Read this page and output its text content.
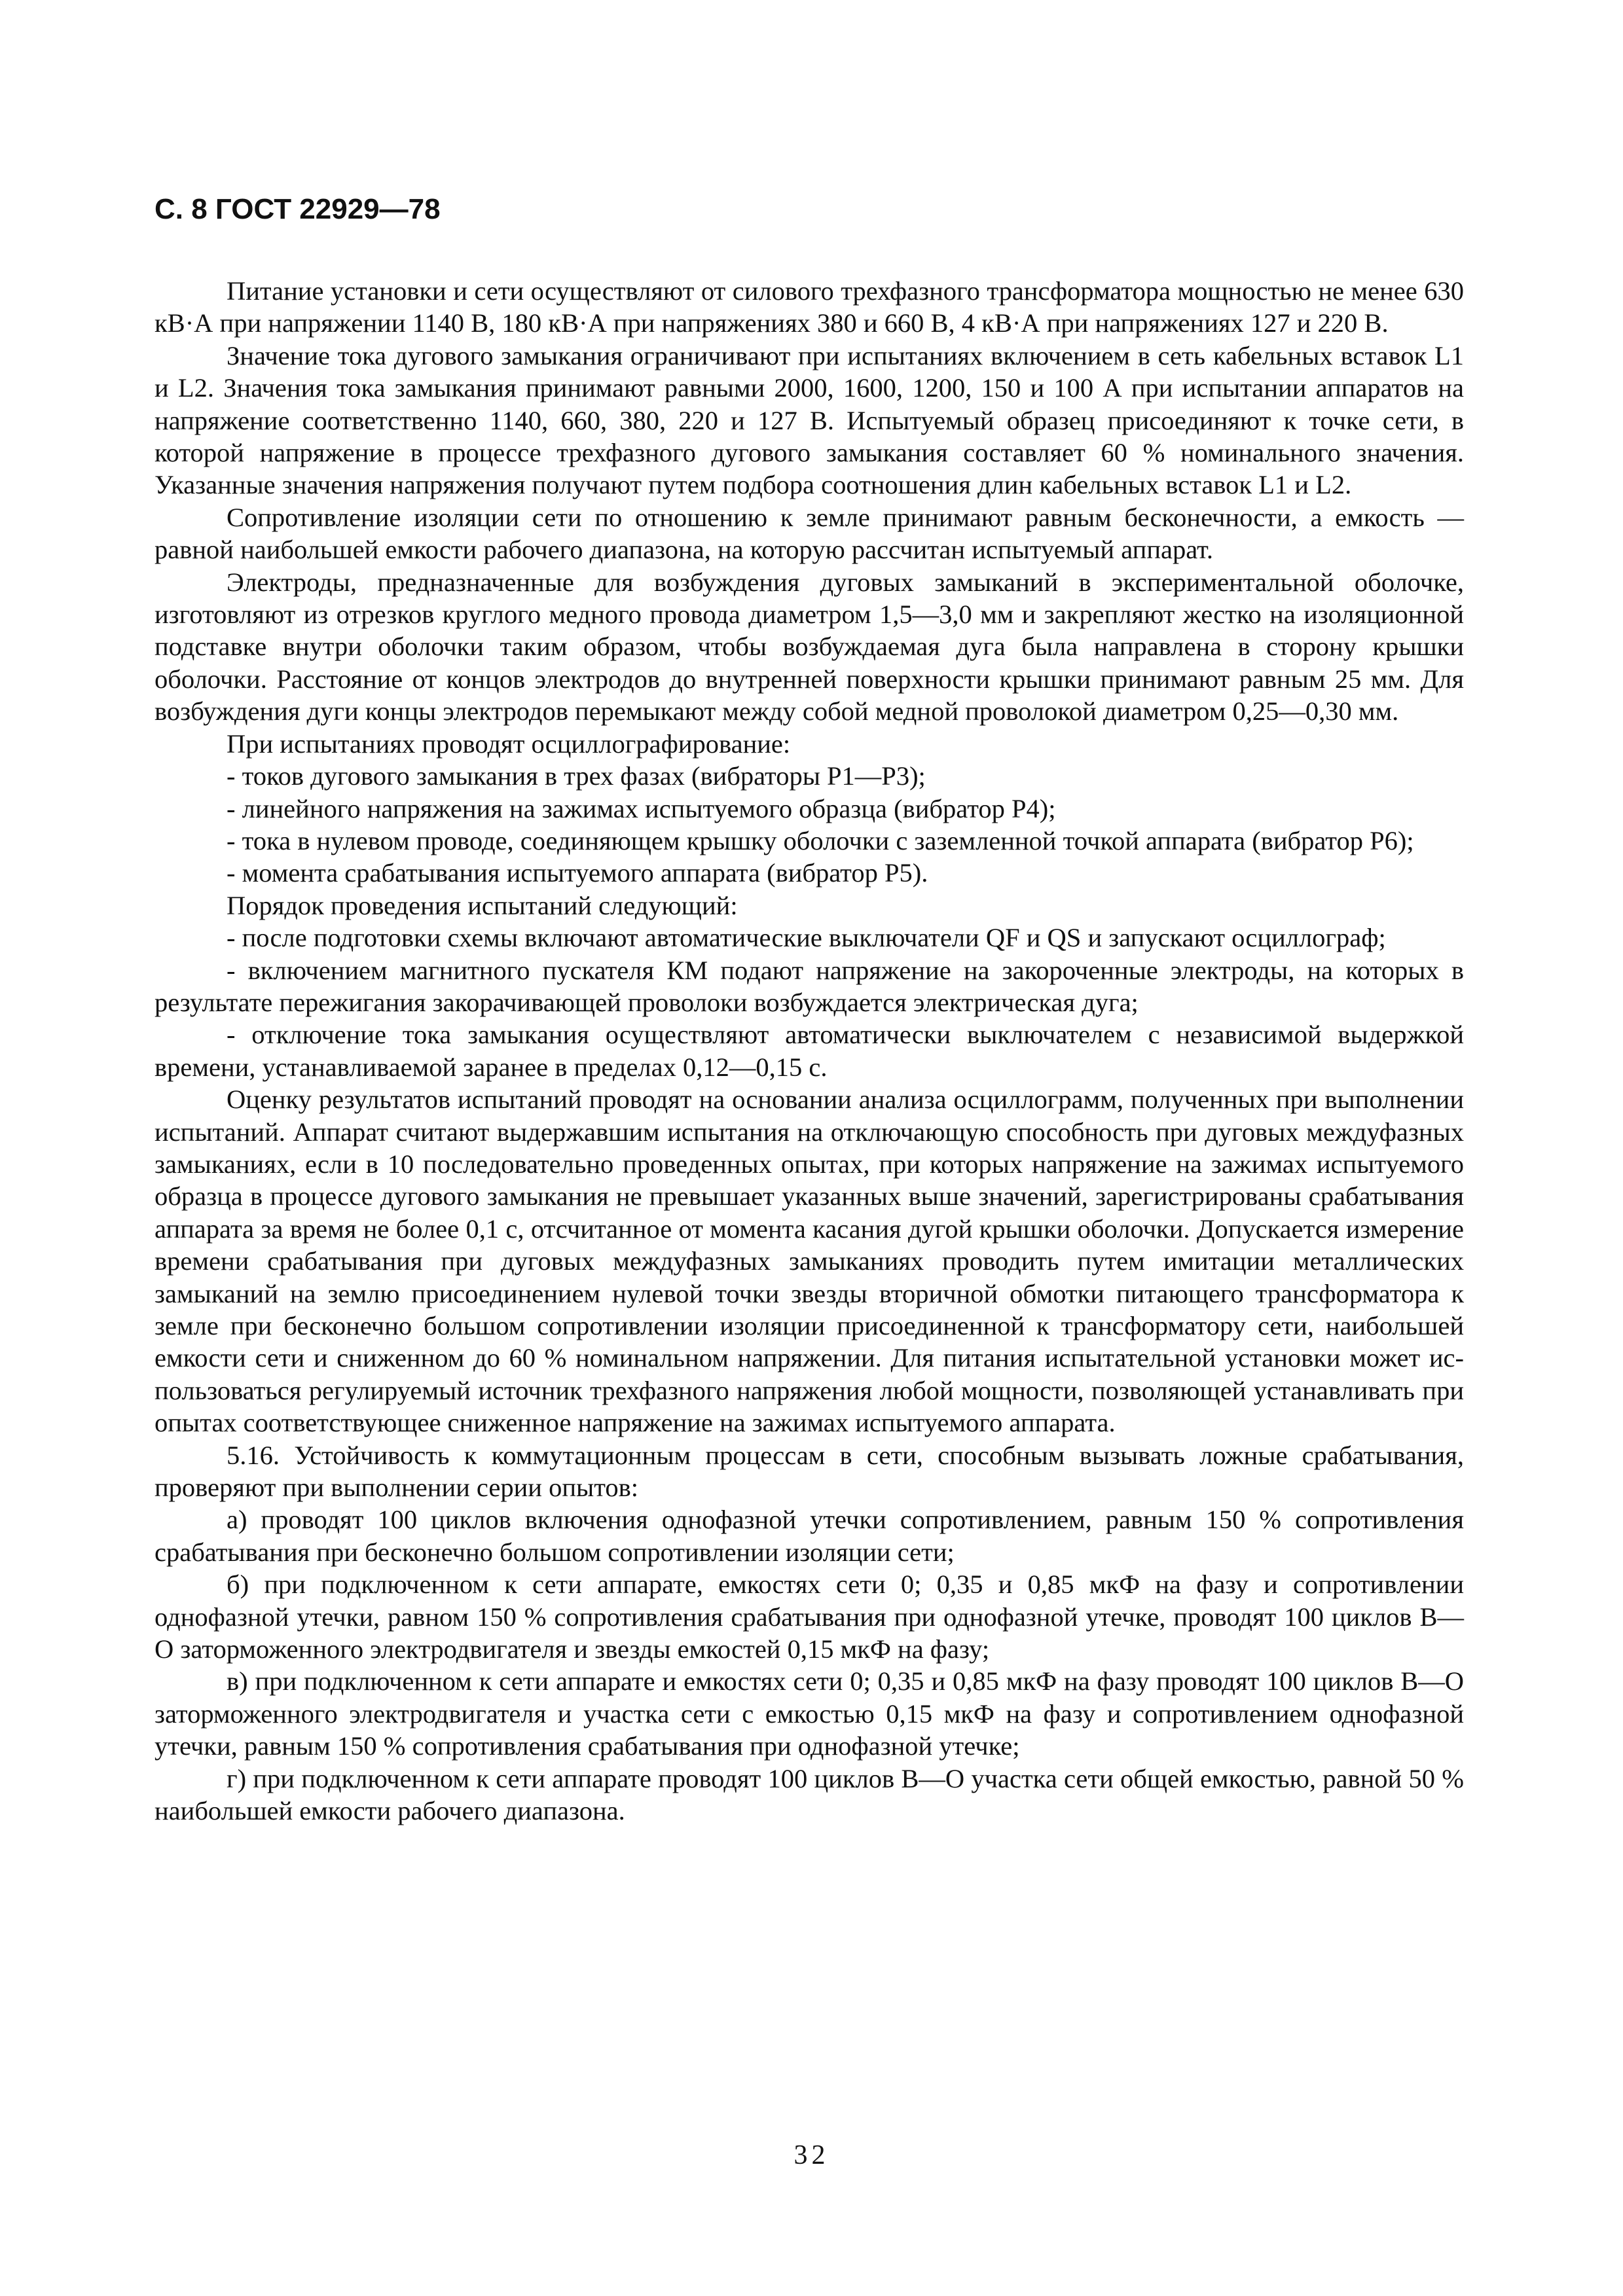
С. 8 ГОСТ 22929—78

Питание установки и сети осуществляют от силового трехфазного трансформатора мощностью не менее 630 кВ·А при напряжении 1140 В, 180 кВ·А при напряжениях 380 и 660 В, 4 кВ·А при напряжениях 127 и 220 В.

Значение тока дугового замыкания ограничивают при испытаниях включением в сеть кабельных вставок L1 и L2. Значения тока замыкания принимают равными 2000, 1600, 1200, 150 и 100 А при испытании аппаратов на напряжение соответственно 1140, 660, 380, 220 и 127 В. Испытуемый образец присоединяют к точке сети, в которой напряжение в процессе трехфазного дугового замыкания составляет 60 % номинального значения. Указанные значения напряжения получают путем подбора соотношения длин кабельных вставок L1 и L2.

Сопротивление изоляции сети по отношению к земле принимают равным бесконечности, а емкость — равной наибольшей емкости рабочего диапазона, на которую рассчитан испытуемый аппарат.

Электроды, предназначенные для возбуждения дуговых замыканий в экспериментальной оболочке, изготовляют из отрезков круглого медного провода диаметром 1,5—3,0 мм и закрепляют жестко на изоляционной подставке внутри оболочки таким образом, чтобы возбуждаемая дуга была направлена в сторону крышки оболочки. Расстояние от концов электродов до внутренней поверхности крышки принимают равным 25 мм. Для возбуждения дуги концы электродов перемыкают между собой медной проволокой диаметром 0,25—0,30 мм.

При испытаниях проводят осциллографирование:

- токов дугового замыкания в трех фазах (вибраторы Р1—Р3);

- линейного напряжения на зажимах испытуемого образца (вибратор Р4);

- тока в нулевом проводе, соединяющем крышку оболочки с заземленной точкой аппарата (вибратор Р6);

- момента срабатывания испытуемого аппарата (вибратор Р5).

Порядок проведения испытаний следующий:

- после подготовки схемы включают автоматические выключатели QF и QS и запускают осциллограф;

- включением магнитного пускателя КМ подают напряжение на закороченные электроды, на которых в результате пережигания закорачивающей проволоки возбуждается электрическая дуга;

- отключение тока замыкания осуществляют автоматически выключателем с независимой выдержкой времени, устанавливаемой заранее в пределах 0,12—0,15 с.

Оценку результатов испытаний проводят на основании анализа осциллограмм, полученных при выполнении испытаний. Аппарат считают выдержавшим испытания на отключающую способность при дуговых междуфазных замыканиях, если в 10 последовательно проведенных опытах, при которых напряжение на зажимах испытуемого образца в процессе дугового замыкания не превышает указанных выше значений, зарегистрированы срабатывания аппарата за время не более 0,1 с, отсчитанное от момента касания дугой крышки оболочки. Допускается измерение времени срабатывания при дуговых междуфазных замыканиях проводить путем имитации металлических замыканий на землю присоединением нулевой точки звезды вторичной обмотки питающего трансформатора к земле при бесконечно большом сопротивлении изоляции присоединенной к трансформатору сети, наибольшей емкости сети и сниженном до 60 % номинальном напряжении. Для питания испытательной установки может использоваться регулируемый источник трехфазного напряжения любой мощности, позволяющей устанавливать при опытах соответствующее сниженное напряжение на зажимах испытуемого аппарата.

5.16. Устойчивость к коммутационным процессам в сети, способным вызывать ложные срабатывания, проверяют при выполнении серии опытов:

а) проводят 100 циклов включения однофазной утечки сопротивлением, равным 150 % сопротивления срабатывания при бесконечно большом сопротивлении изоляции сети;

б) при подключенном к сети аппарате, емкостях сети 0; 0,35 и 0,85 мкФ на фазу и сопротивлении однофазной утечки, равном 150 % сопротивления срабатывания при однофазной утечке, проводят 100 циклов В—О заторможенного электродвигателя и звезды емкостей 0,15 мкФ на фазу;

в) при подключенном к сети аппарате и емкостях сети 0; 0,35 и 0,85 мкФ на фазу проводят 100 циклов В—О заторможенного электродвигателя и участка сети с емкостью 0,15 мкФ на фазу и сопротивлением однофазной утечки, равным 150 % сопротивления срабатывания при однофазной утечке;

г) при подключенном к сети аппарате проводят 100 циклов В—О участка сети общей емкостью, равной 50 % наибольшей емкости рабочего диапазона.

32
